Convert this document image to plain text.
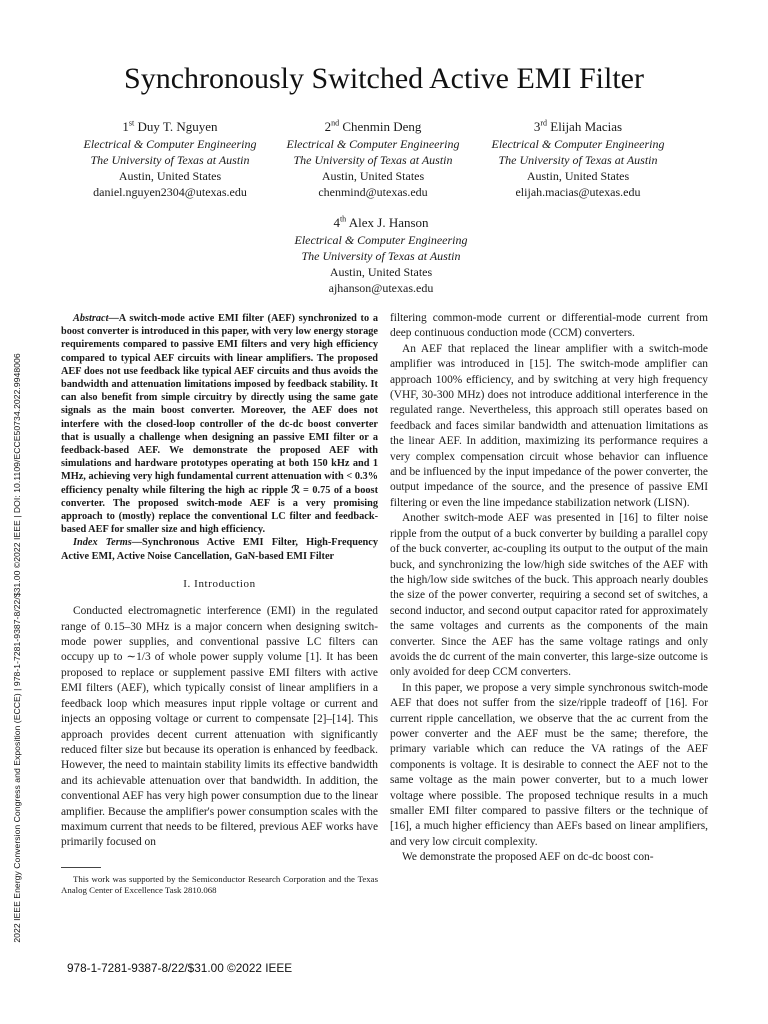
2022 IEEE Energy Conversion Congress and Exposition (ECCE) | 978-1-7281-9387-8/22/$31.00 ©2022 IEEE | DOI: 10.1109/ECCE50734.2022.9948006
Synchronously Switched Active EMI Filter
1st Duy T. Nguyen
Electrical & Computer Engineering
The University of Texas at Austin
Austin, United States
daniel.nguyen2304@utexas.edu
2nd Chenmin Deng
Electrical & Computer Engineering
The University of Texas at Austin
Austin, United States
chenmind@utexas.edu
3rd Elijah Macias
Electrical & Computer Engineering
The University of Texas at Austin
Austin, United States
elijah.macias@utexas.edu
4th Alex J. Hanson
Electrical & Computer Engineering
The University of Texas at Austin
Austin, United States
ajhanson@utexas.edu

Abstract—A switch-mode active EMI filter (AEF) synchronized to a boost converter is introduced in this paper, with very low energy storage requirements compared to passive EMI filters and very high efficiency compared to typical AEF circuits with linear amplifiers. The proposed AEF does not use feedback like typical AEF circuits and thus avoids the bandwidth and attenuation limitations imposed by feedback stability. It can also benefit from simple circuitry by directly using the same gate signals as the main boost converter. Moreover, the AEF does not interfere with the closed-loop controller of the dc-dc boost converter that is usually a challenge when designing an passive EMI filter or a feedback-based AEF. We demonstrate the proposed AEF with simulations and hardware prototypes operating at both 150 kHz and 1 MHz, achieving very high fundamental current attenuation with < 0.3% efficiency penalty while filtering the high ac ripple ℛ = 0.75 of a boost converter. The proposed switch-mode AEF is a very promising approach to (mostly) replace the conventional LC filter and feedback-based AEF for smaller size and high efficiency.

Index Terms—Synchronous Active EMI Filter, High-Frequency Active EMI, Active Noise Cancellation, GaN-based EMI Filter

I. Introduction

Conducted electromagnetic interference (EMI) in the regulated range of 0.15–30 MHz is a major concern when designing switch-mode power supplies, and conventional passive LC filters can occupy up to ∼1/3 of whole power supply volume [1]. It has been proposed to replace or supplement passive EMI filters with active EMI filters (AEF), which typically consist of linear amplifiers in a feedback loop which measures input ripple voltage or current and injects an opposing voltage or current to compensate [2]–[14]. This approach provides decent current attenuation with significantly reduced filter size but because its operation is enhanced by feedback. However, the need to maintain stability limits its effective bandwidth and its achievable attenuation over that bandwidth. In addition, the conventional AEF has very high power consumption due to the linear amplifier. Because the amplifier's power consumption scales with the maximum current that needs to be filtered, previous AEF works have primarily focused on

This work was supported by the Semiconductor Research Corporation and the Texas Analog Center of Excellence Task 2810.068

filtering common-mode current or differential-mode current from deep continuous conduction mode (CCM) converters.

An AEF that replaced the linear amplifier with a switch-mode amplifier was introduced in [15]. The switch-mode amplifier can approach 100% efficiency, and by switching at very high frequency (VHF, 30-300 MHz) does not introduce additional interference in the regulated range. Nevertheless, this approach still operates based on feedback and faces similar bandwidth and attenuation limitations as the linear AEF. In addition, maximizing its performance requires a very complex compensation circuit whose behavior can influence and be influenced by the input impedance of the power converter, the output impedance of the source, and the presence of passive EMI filtering or even the line impedance stabilization network (LISN).

Another switch-mode AEF was presented in [16] to filter noise ripple from the output of a buck converter by building a parallel copy of the buck converter, ac-coupling its output to the output of the main buck, and synchronizing the low/high side switches of the AEF with the high/low side switches of the buck. This approach nearly doubles the size of the power converter, requiring a second set of switches, a second inductor, and second output capacitor rated for approximately the same voltages and currents as the components of the main converter. Since the AEF has the same voltage ratings and only avoids the dc current of the main converter, this large-size outcome is only avoided for deep CCM converters.

In this paper, we propose a very simple synchronous switch-mode AEF that does not suffer from the size/ripple tradeoff of [16]. For current ripple cancellation, we observe that the ac current from the power converter and the AEF must be the same; therefore, the primary variable which can reduce the VA ratings of the AEF components is voltage. It is desirable to connect the AEF not to the same voltage as the main power converter, but to a much lower voltage where possible. The proposed technique results in a much smaller EMI filter compared to passive filters or the technique of [16], a much higher efficiency than AEFs based on linear amplifiers, and very low circuit complexity.

We demonstrate the proposed AEF on dc-dc boost con-

978-1-7281-9387-8/22/$31.00 ©2022 IEEE
